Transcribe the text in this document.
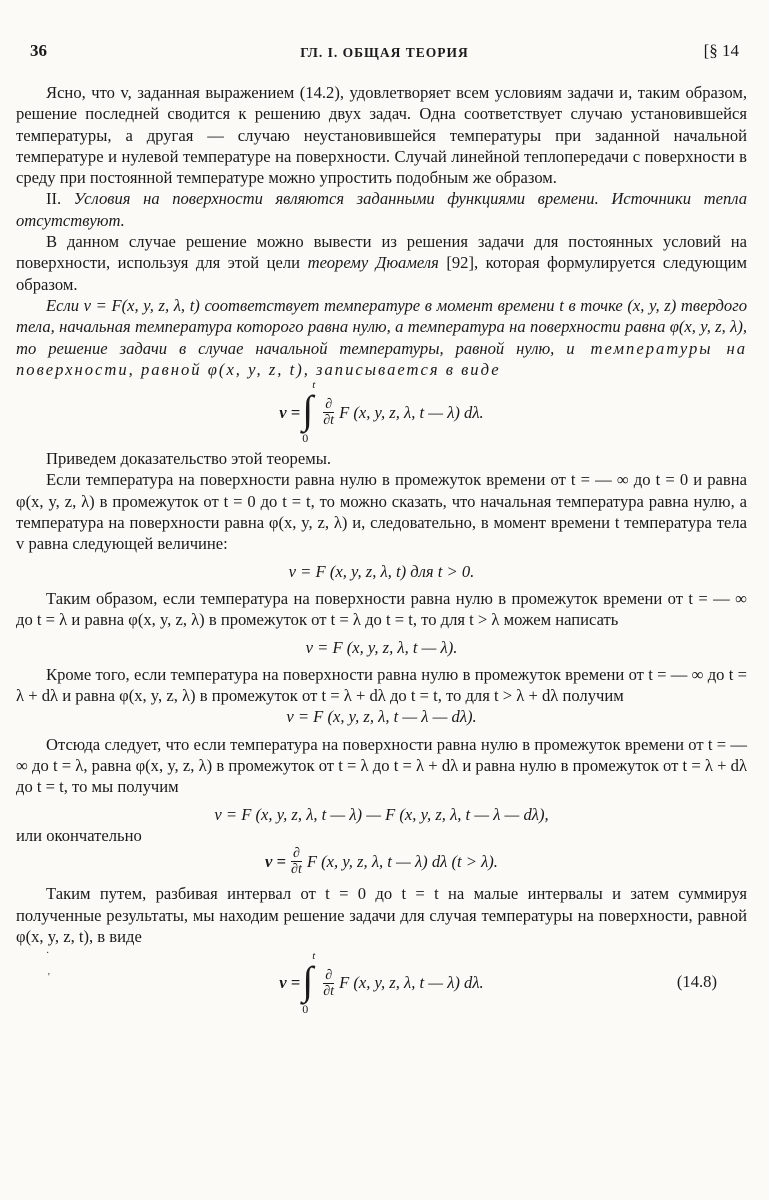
36	ГЛ. I. ОБЩАЯ ТЕОРИЯ	[§ 14

Ясно, что v, заданная выражением (14.2), удовлетворяет всем условиям задачи и, таким образом, решение последней сводится к решению двух задач. Одна соответствует случаю установившейся температуры, а другая — случаю неустановившейся температуры при заданной начальной температуре и нулевой температуре на поверхности. Случай линейной теплопередачи с поверхности в среду при постоянной температуре можно упростить подобным же образом.

II. Условия на поверхности являются заданными функциями времени. Источники тепла отсутствуют.

В данном случае решение можно вывести из решения задачи для постоянных условий на поверхности, используя для этой цели теорему Дюамеля [92], которая формулируется следующим образом.

Если v = F(x, y, z, λ, t) соответствует температуре в момент времени t в точке (x, y, z) твердого тела, начальная температура которого равна нулю, а температура на поверхности равна φ(x, y, z, λ), то решение задачи в случае начальной температуры, равной нулю, и температуры на поверхности, равной φ(x, y, z, t), записывается в виде

v = ∫
t
0
$\frac{\partial}{\partial t}$ F (x, y, z, λ, t — λ) dλ.

Приведем доказательство этой теоремы.

Если температура на поверхности равна нулю в промежуток времени от t = — ∞ до t = 0 и равна φ(x, y, z, λ) в промежуток от t = 0 до t = t, то можно сказать, что начальная температура равна нулю, а температура на поверхности равна φ(x, y, z, λ) и, следовательно, в момент времени t температура тела v равна следующей величине:

v = F (x, y, z, λ, t) для t > 0.

Таким образом, если температура на поверхности равна нулю в промежуток времени от t = — ∞ до t = λ и равна φ(x, y, z, λ) в промежуток от t = λ до t = t, то для t > λ можем написать

v = F (x, y, z, λ, t — λ).

Кроме того, если температура на поверхности равна нулю в промежуток времени от t = — ∞ до t = λ + dλ и равна φ(x, y, z, λ) в промежуток от t = λ + dλ до t = t, то для t > λ + dλ получим

v = F (x, y, z, λ, t — λ — dλ).

Отсюда следует, что если температура на поверхности равна нулю в промежуток времени от t = — ∞ до t = λ, равна φ(x, y, z, λ) в промежуток от t = λ до t = λ + dλ и равна нулю в промежуток от t = λ + dλ до t = t, то мы получим

v = F (x, y, z, λ, t — λ) — F (x, y, z, λ, t — λ — dλ),

или окончательно

$v = \frac{\partial}{\partial t}$ F (x, y, z, λ, t — λ) dλ (t > λ).

Таким путем, разбивая интервал от t = 0 до t = t на малые интервалы и затем суммируя полученные результаты, мы находим решение задачи для случая температуры на поверхности, равной φ(x, y, z, t), в виде

·
'	v = ∫
t
0
$\frac{\partial}{\partial t}$ F (x, y, z, λ, t — λ) dλ.	(14.8)
